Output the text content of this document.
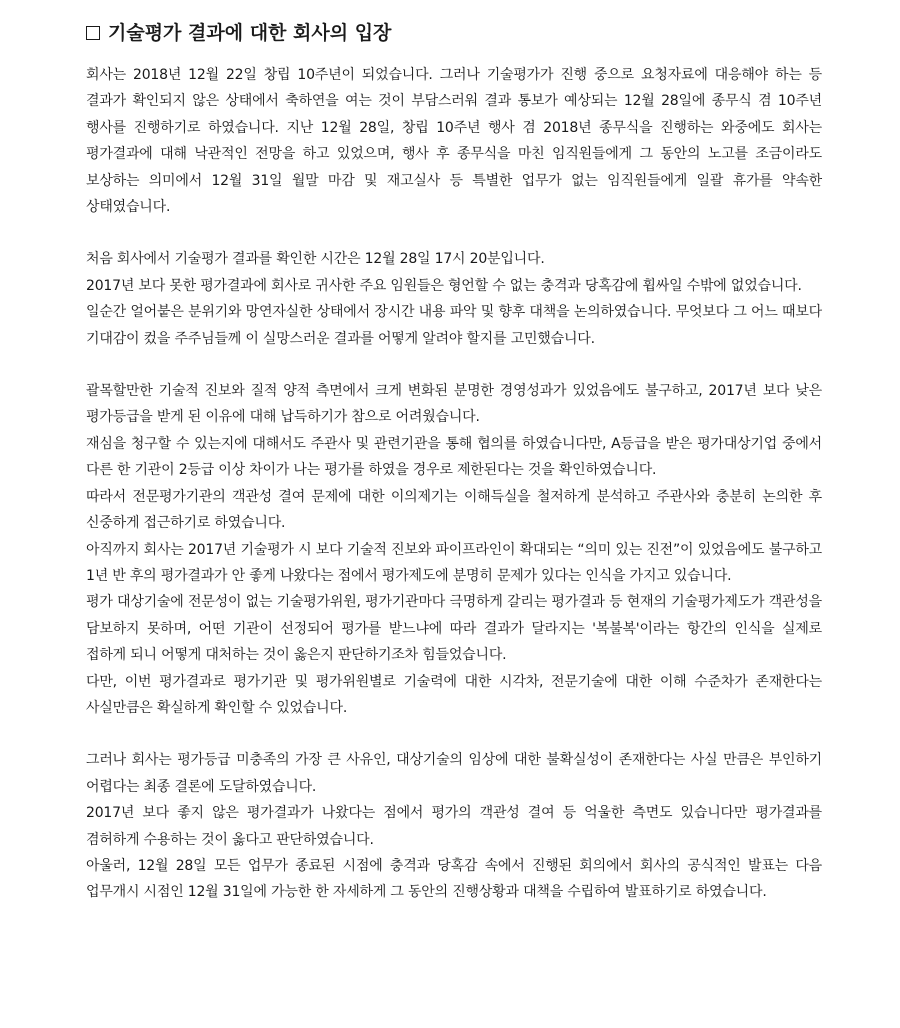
기술평가 결과에 대한 회사의 입장

회사는 2018년 12월 22일 창립 10주년이 되었습니다. 그러나 기술평가가 진행 중으로 요청자료에 대응해야 하는 등 결과가 확인되지 않은 상태에서 축하연을 여는 것이 부담스러워 결과 통보가 예상되는 12월 28일에 종무식 겸 10주년 행사를 진행하기로 하였습니다. 지난 12월 28일, 창립 10주년 행사 겸 2018년 종무식을 진행하는 와중에도 회사는 평가결과에 대해 낙관적인 전망을 하고 있었으며, 행사 후 종무식을 마친 임직원들에게 그 동안의 노고를 조금이라도 보상하는 의미에서 12월 31일 월말 마감 및 재고실사 등 특별한 업무가 없는 임직원들에게 일괄 휴가를 약속한 상태였습니다.

처음 회사에서 기술평가 결과를 확인한 시간은 12월 28일 17시 20분입니다.

2017년 보다 못한 평가결과에 회사로 귀사한 주요 임원들은 형언할 수 없는 충격과 당혹감에 휩싸일 수밖에 없었습니다.

일순간 얼어붙은 분위기와 망연자실한 상태에서 장시간 내용 파악 및 향후 대책을 논의하였습니다. 무엇보다 그 어느 때보다 기대감이 컸을 주주님들께 이 실망스러운 결과를 어떻게 알려야 할지를 고민했습니다.

괄목할만한 기술적 진보와 질적 양적 측면에서 크게 변화된 분명한 경영성과가 있었음에도 불구하고, 2017년 보다 낮은 평가등급을 받게 된 이유에 대해 납득하기가 참으로 어려웠습니다.

재심을 청구할 수 있는지에 대해서도 주관사 및 관련기관을 통해 협의를 하였습니다만, A등급을 받은 평가대상기업 중에서 다른 한 기관이 2등급 이상 차이가 나는 평가를 하였을 경우로 제한된다는 것을 확인하였습니다.

따라서 전문평가기관의 객관성 결여 문제에 대한 이의제기는 이해득실을 철저하게 분석하고 주관사와 충분히 논의한 후 신중하게 접근하기로 하였습니다.

아직까지 회사는 2017년 기술평가 시 보다 기술적 진보와 파이프라인이 확대되는 “의미 있는 진전”이 있었음에도 불구하고 1년 반 후의 평가결과가 안 좋게 나왔다는 점에서 평가제도에 분명히 문제가 있다는 인식을 가지고 있습니다.

평가 대상기술에 전문성이 없는 기술평가위원, 평가기관마다 극명하게 갈리는 평가결과 등 현재의 기술평가제도가 객관성을 담보하지 못하며, 어떤 기관이 선정되어 평가를 받느냐에 따라 결과가 달라지는 '복불복'이라는 항간의 인식을 실제로 접하게 되니 어떻게 대처하는 것이 옳은지 판단하기조차 힘들었습니다.

다만, 이번 평가결과로 평가기관 및 평가위원별로 기술력에 대한 시각차, 전문기술에 대한 이해 수준차가 존재한다는 사실만큼은 확실하게 확인할 수 있었습니다.

그러나 회사는 평가등급 미충족의 가장 큰 사유인, 대상기술의 임상에 대한 불확실성이 존재한다는 사실 만큼은 부인하기 어렵다는 최종 결론에 도달하였습니다.

2017년 보다 좋지 않은 평가결과가 나왔다는 점에서 평가의 객관성 결여 등 억울한 측면도 있습니다만 평가결과를 겸허하게 수용하는 것이 옳다고 판단하였습니다.

아울러, 12월 28일 모든 업무가 종료된 시점에 충격과 당혹감 속에서 진행된 회의에서 회사의 공식적인 발표는 다음 업무개시 시점인 12월 31일에 가능한 한 자세하게 그 동안의 진행상황과 대책을 수립하여 발표하기로 하였습니다.
